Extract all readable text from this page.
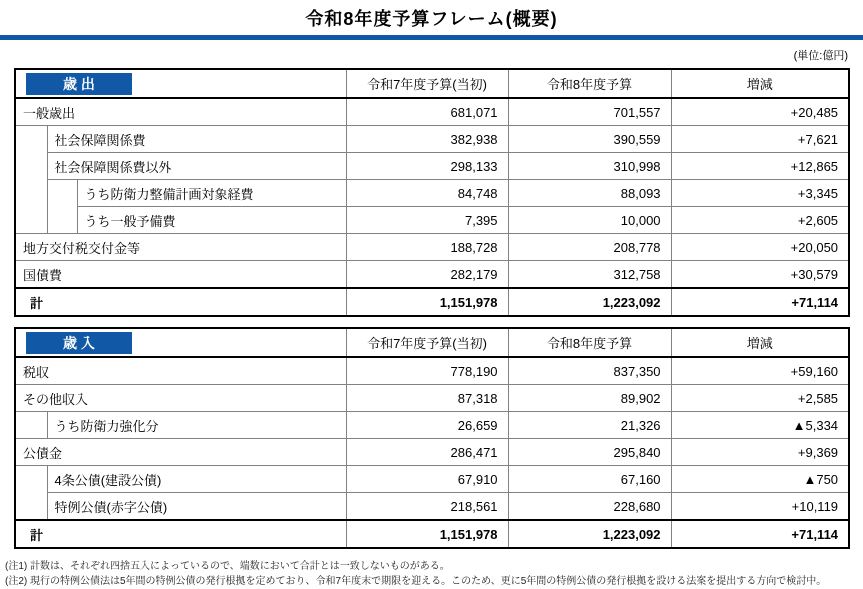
令和8年度予算フレーム(概要)
(単位:億円)
歳 出			令和7年度予算(当初)	令和8年度予算	増減
一般歳出			681,071	701,557	+20,485
	社会保障関係費		382,938	390,559	+7,621
	社会保障関係費以外		298,133	310,998	+12,865
		うち防衛力整備計画対象経費	84,748	88,093	+3,345
		うち一般予備費	7,395	10,000	+2,605
地方交付税交付金等			188,728	208,778	+20,050
国債費			282,179	312,758	+30,579
計			1,151,978	1,223,092	+71,114
歳 入		令和7年度予算(当初)	令和8年度予算	増減
税収		778,190	837,350	+59,160
その他収入		87,318	89,902	+2,585
	うち防衛力強化分	26,659	21,326	▲5,334
公債金		286,471	295,840	+9,369
	4条公債(建設公債)	67,910	67,160	▲750
	特例公債(赤字公債)	218,561	228,680	+10,119
計		1,151,978	1,223,092	+71,114
(注1) 計数は、それぞれ四捨五入によっているので、端数において合計とは一致しないものがある。
(注2) 現行の特例公債法は5年間の特例公債の発行根拠を定めており、令和7年度末で期限を迎える。このため、更に5年間の特例公債の発行根拠を設ける法案を提出する方向で検討中。
